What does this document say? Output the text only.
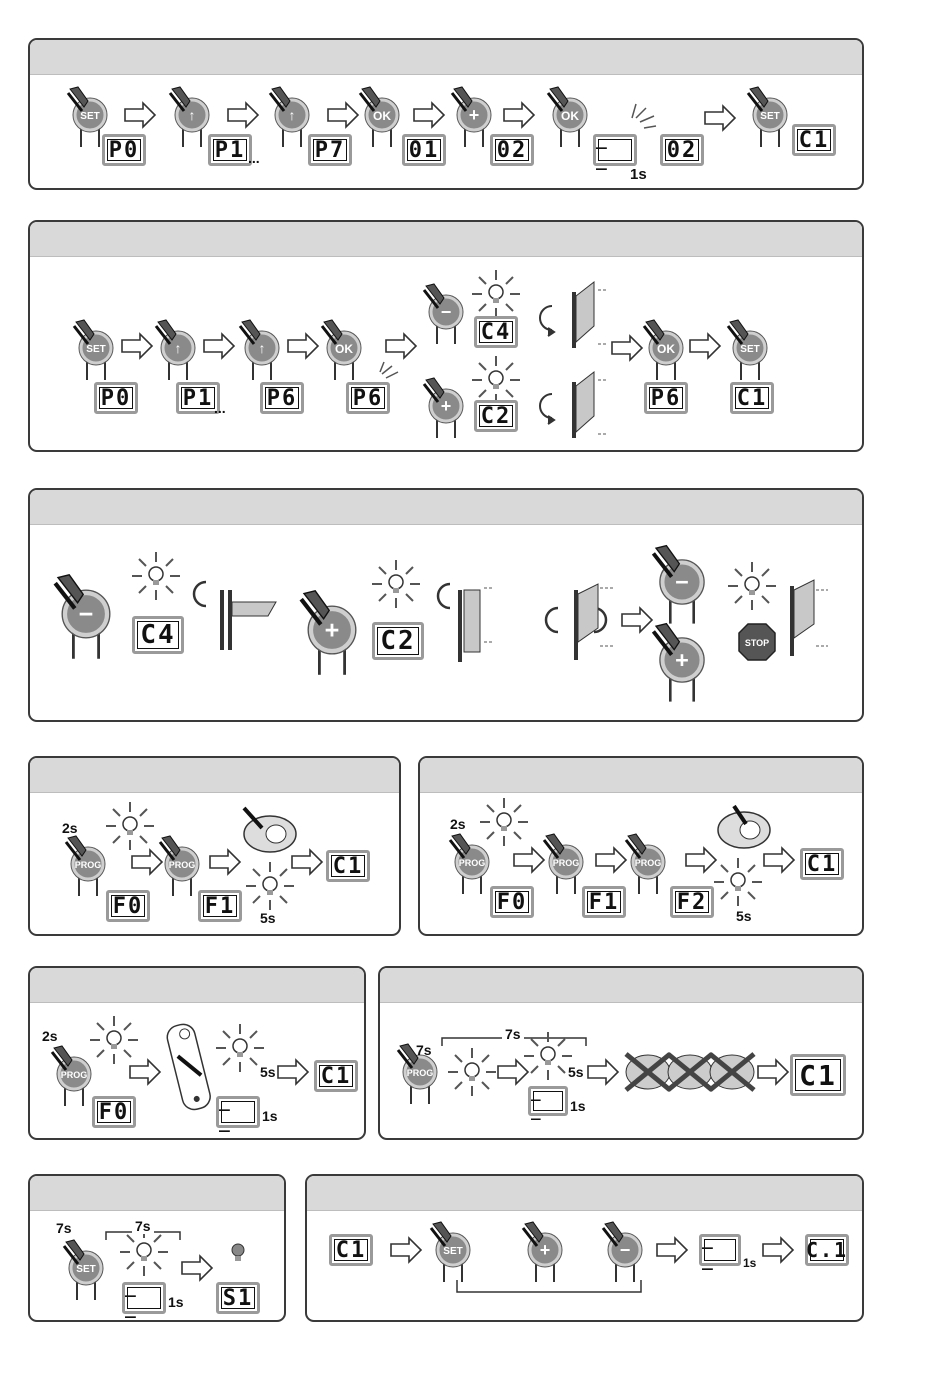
SET	↑	↑	OK	+	OK	SET
P0	P1 ...	P7	01	02	_ _
1s
02	C1
SET	↑	↑	OK
−
+
OK	SET
P0	P1 ...	P6	P6
C4
C2
P6	C1
−
+
−
+
STOP
C4	C2
PROG	PROG
2s
F0	F1	5s
C1	PROG	PROG	PROG
2s
F0	F1	F2
5s
C1
PROG
2s
F0
5s
_ _	1s
C1	PROG
7s
7s
5s
_ _	1s
C1
SET
7s	7s
_ _	1s	S1
SET	+	−
C1	_ _	1s
C.1
